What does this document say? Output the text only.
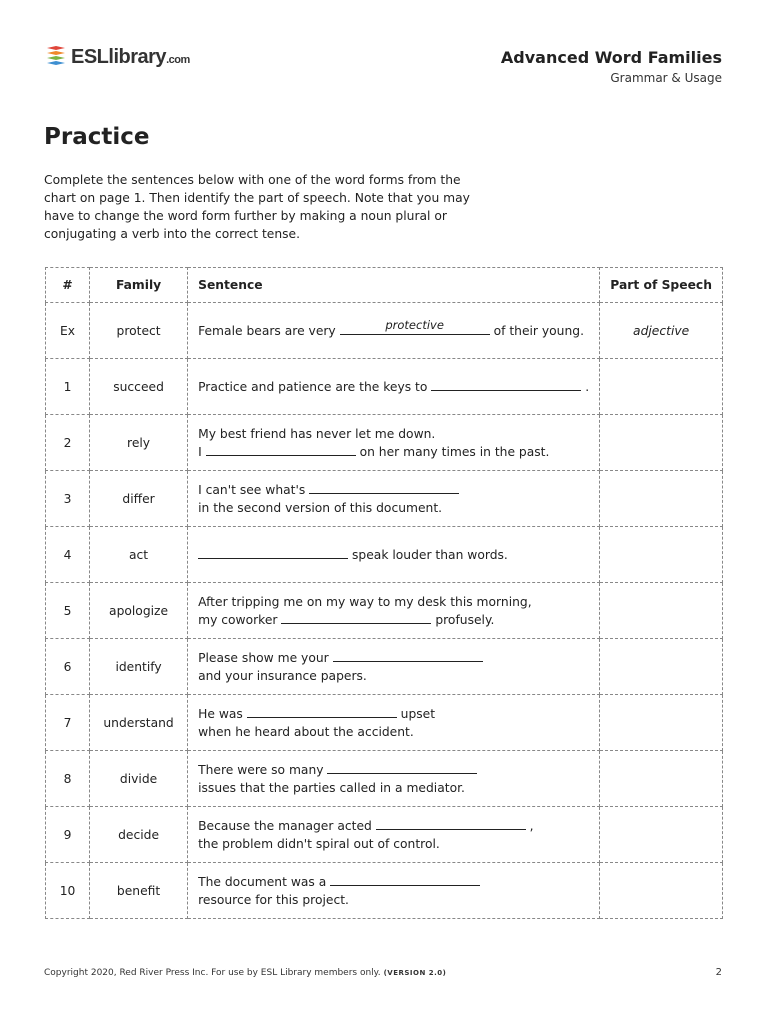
ESLlibrary.com	Advanced Word Families
Grammar & Usage
Practice

Complete the sentences below with one of the word forms from the chart on page 1. Then identify the part of speech. Note that you may have to change the word form further by making a noun plural or conjugating a verb into the correct tense.

#	Family	Sentence	Part of Speech
Ex	protect	Female bears are very protective of their young.	adjective
1	succeed	Practice and patience are the keys to .	
2	rely	My best friend has never let me down.
I on her many times in the past.	

3	differ	I can't see what's
in the second version of this document.	

4	act	speak louder than words.	
5	apologize	After tripping me on my way to my desk this morning,
my coworker profusely.	

6	identify	Please show me your
and your insurance papers.	

7	understand	He was upset
when he heard about the accident.	

8	divide	There were so many
issues that the parties called in a mediator.	

9	decide	Because the manager acted ,
the problem didn't spiral out of control.	

10	benefit	The document was a
resource for this project.	

Copyright 2020, Red River Press Inc. For use by ESL Library members only. (VERSION 2.0)	2
